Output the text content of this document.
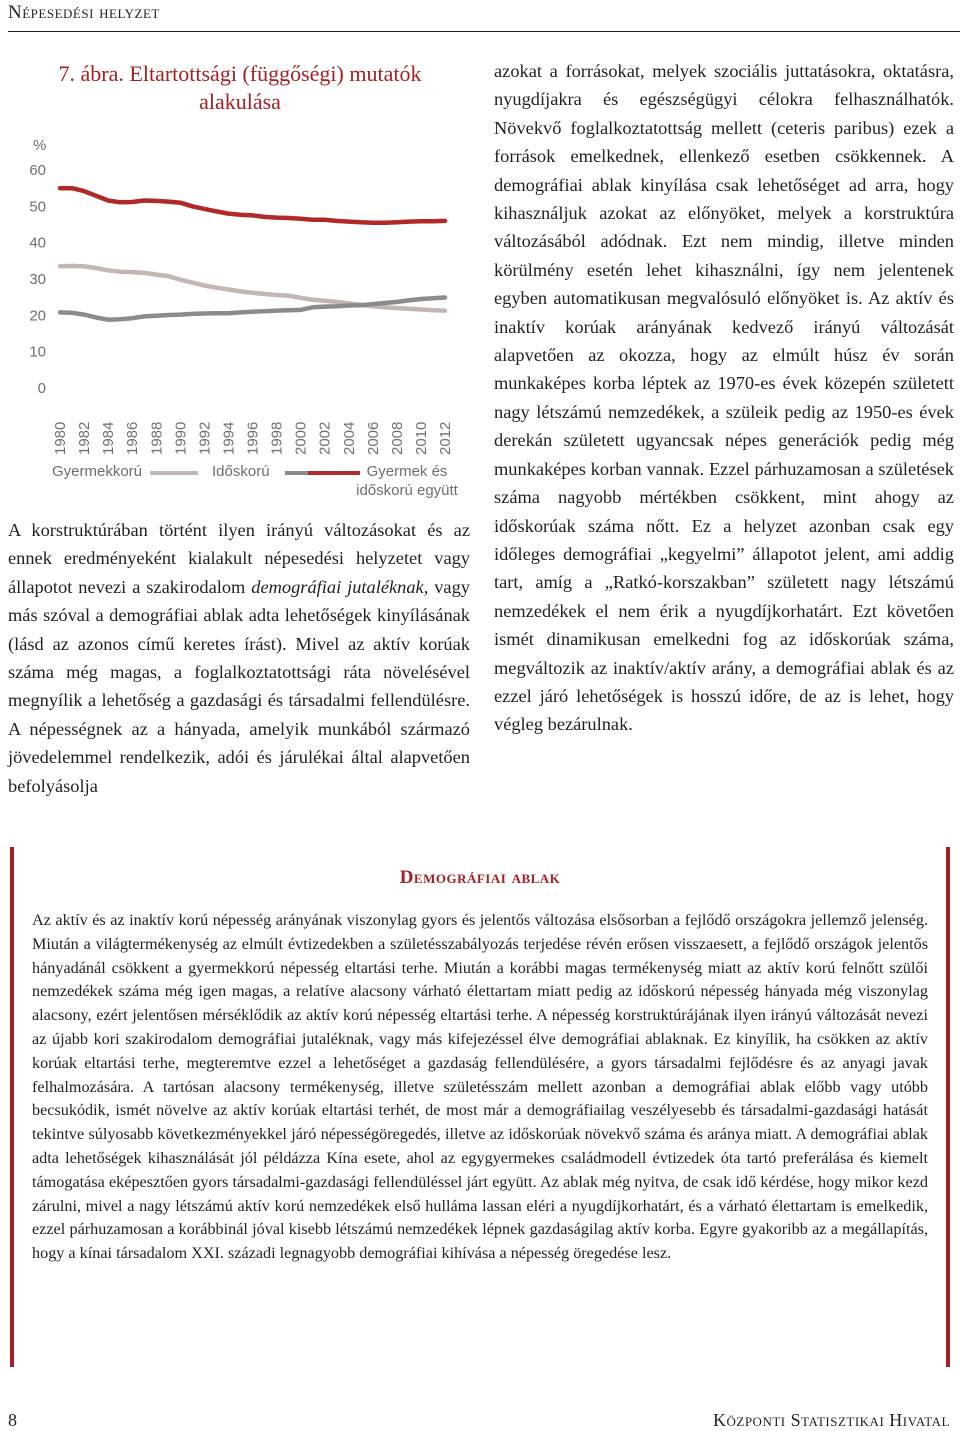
Népesedési helyzet
7. ábra. Eltartottsági (függőségi) mutatók alakulása
%
0
10
20
30
40
50
60
1980 1982 1984 1986 1988 1990 1992 1994 1996 1998 2000 2002 2004 2006 2008 2010 2012
Gyermekkorú	Időskorú	Gyermek és időskorú együtt
A korstruktúrában történt ilyen irányú változásokat és az ennek eredményeként kialakult népesedési helyzetet vagy állapotot nevezi a szakirodalom demográfiai jutaléknak, vagy más szóval a demográfiai ablak adta lehetőségek kinyílásának (lásd az azonos című keretes írást). Mivel az aktív korúak száma még magas, a foglalkoztatottsági ráta növelésével megnyílik a lehetőség a gazdasági és társadalmi fellendülésre. A népességnek az a hányada, amelyik munkából származó jövedelemmel rendelkezik, adói és járulékai által alapvetően befolyásolja
azokat a forrásokat, melyek szociális juttatásokra, oktatásra, nyugdíjakra és egészségügyi célokra felhasználhatók. Növekvő foglalkoztatottság mellett (ceteris paribus) ezek a források emelkednek, ellenkező esetben csökkennek. A demográfiai ablak kinyílása csak lehetőséget ad arra, hogy kihasználjuk azokat az előnyöket, melyek a korstruktúra változásából adódnak. Ezt nem mindig, illetve minden körülmény esetén lehet kihasználni, így nem jelentenek egyben automatikusan megvalósuló előnyöket is. Az aktív és inaktív korúak arányának kedvező irányú változását alapvetően az okozza, hogy az elmúlt húsz év során munkaképes korba léptek az 1970-es évek közepén született nagy létszámú nemzedékek, a szüleik pedig az 1950-es évek derekán született ugyancsak népes generációk pedig még munkaképes korban vannak. Ezzel párhuzamosan a születések száma nagyobb mértékben csökkent, mint ahogy az időskorúak száma nőtt. Ez a helyzet azonban csak egy időleges demográfiai „kegyelmi” állapotot jelent, ami addig tart, amíg a „Ratkó-korszakban” született nagy létszámú nemzedékek el nem érik a nyugdíjkorhatárt. Ezt követően ismét dinamikusan emelkedni fog az időskorúak száma, megváltozik az inaktív/aktív arány, a demográfiai ablak és az ezzel járó lehetőségek is hosszú időre, de az is lehet, hogy végleg bezárulnak.
Demográfiai ablak
Az aktív és az inaktív korú népesség arányának viszonylag gyors és jelentős változása elsősorban a fejlődő országokra jellemző jelenség. Miután a világtermékenység az elmúlt évtizedekben a születésszabályozás terjedése révén erősen visszaesett, a fejlődő országok jelentős hányadánál csökkent a gyermekkorú népesség eltartási terhe. Miután a korábbi magas termékenység miatt az aktív korú felnőtt szülői nemzedékek száma még igen magas, a relatíve alacsony várható élettartam miatt pedig az időskorú népesség hányada még viszonylag alacsony, ezért jelentősen mérséklődik az aktív korú népesség eltartási terhe. A népesség korstruktúrájának ilyen irányú változását nevezi az újabb kori szakirodalom demográfiai jutaléknak, vagy más kifejezéssel élve demográfiai ablaknak. Ez kinyílik, ha csökken az aktív korúak eltartási terhe, megteremtve ezzel a lehetőséget a gazdaság fellendülésére, a gyors társadalmi fejlődésre és az anyagi javak felhalmozására. A tartósan alacsony termékenység, illetve születésszám mellett azonban a demográfiai ablak előbb vagy utóbb becsukódik, ismét növelve az aktív korúak eltartási terhét, de most már a demográfiailag veszélyesebb és társadalmi-gazdasági hatását tekintve súlyosabb következményekkel járó népességöregedés, illetve az időskorúak növekvő száma és aránya miatt. A demográfiai ablak adta lehetőségek kihasználását jól példázza Kína esete, ahol az egygyermekes családmodell évtizedek óta tartó preferálása és kiemelt támogatása eképesztően gyors társadalmi-gazdasági fellendüléssel járt együtt. Az ablak még nyitva, de csak idő kérdése, hogy mikor kezd zárulni, mivel a nagy létszámú aktív korú nemzedékek első hulláma lassan eléri a nyugdíjkorhatárt, és a várható élettartam is emelkedik, ezzel párhuzamosan a korábbinál jóval kisebb létszámú nemzedékek lépnek gazdaságilag aktív korba. Egyre gyakoribb az a megállapítás, hogy a kínai társadalom XXI. századi legnagyobb demográfiai kihívása a népesség öregedése lesz.
8	Központi Statisztikai Hivatal
